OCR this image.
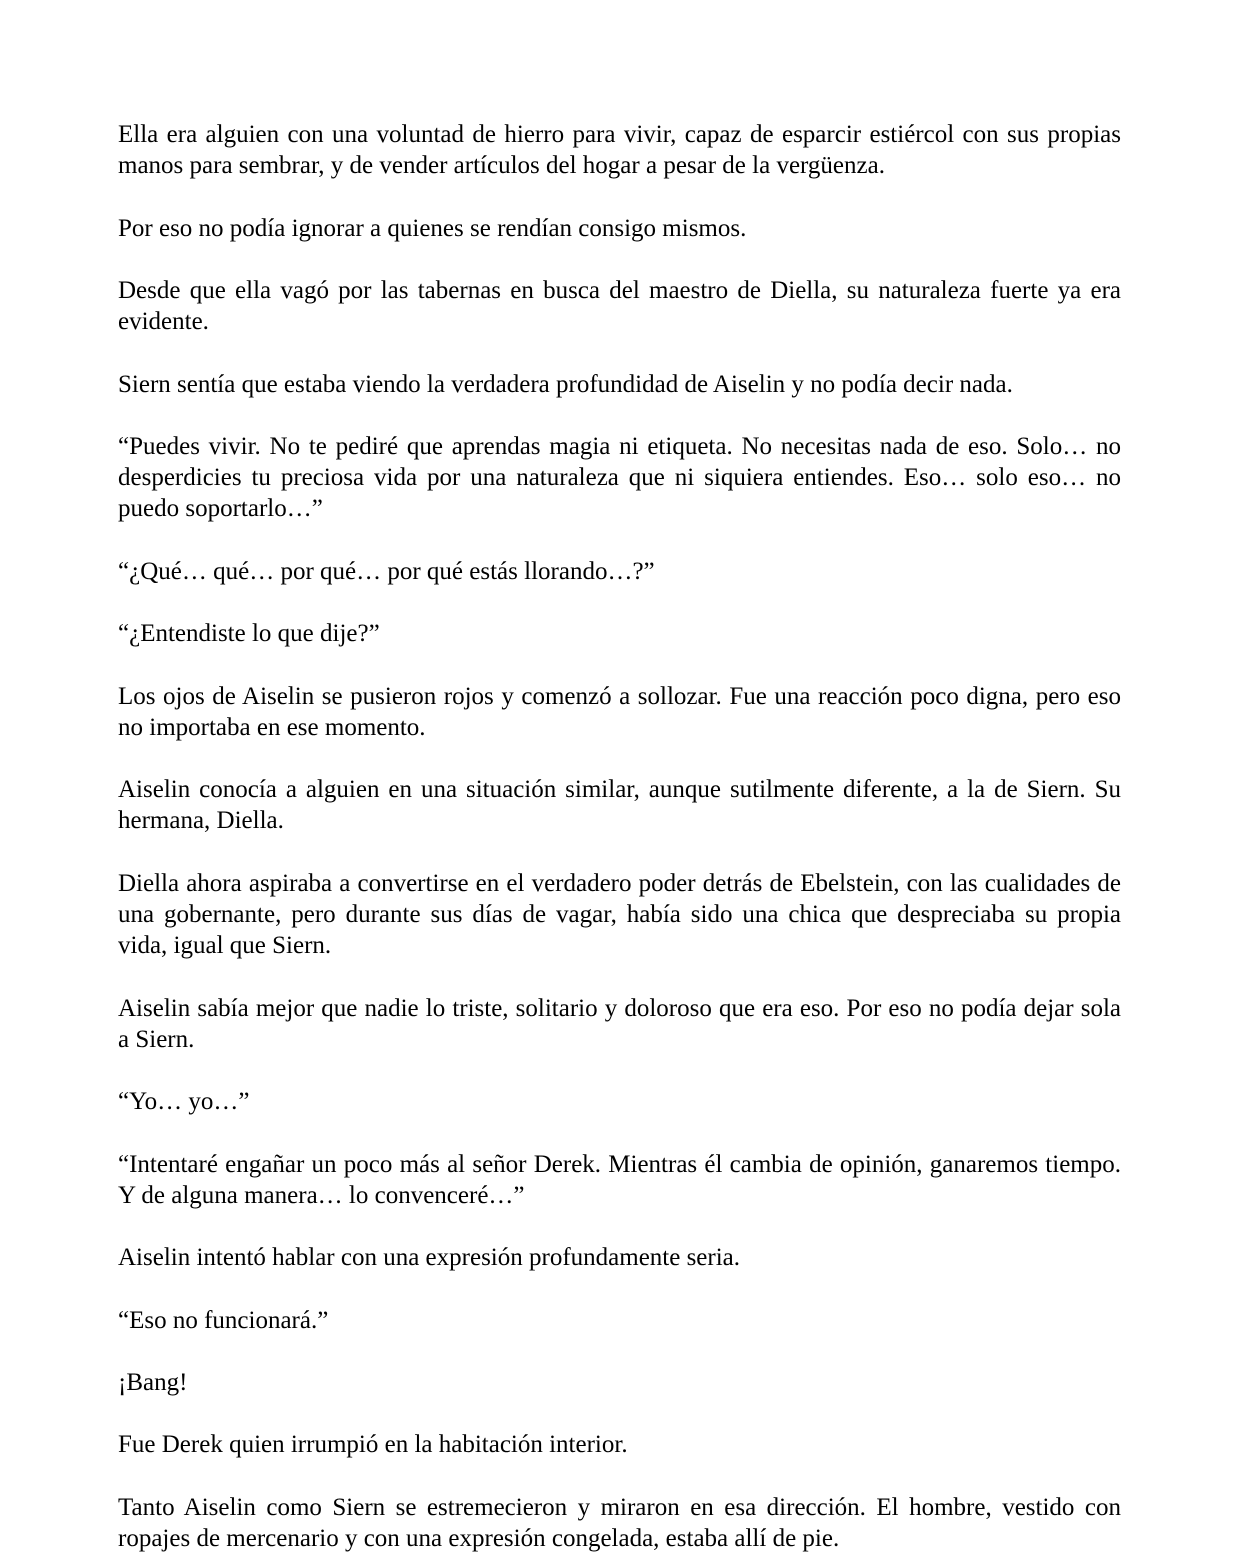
Ella era alguien con una voluntad de hierro para vivir, capaz de esparcir estiércol con sus propias manos para sembrar, y de vender artículos del hogar a pesar de la vergüenza.

Por eso no podía ignorar a quienes se rendían consigo mismos.

Desde que ella vagó por las tabernas en busca del maestro de Diella, su naturaleza fuerte ya era evidente.

Siern sentía que estaba viendo la verdadera profundidad de Aiselin y no podía decir nada.

“Puedes vivir. No te pediré que aprendas magia ni etiqueta. No necesitas nada de eso. Solo… no desperdicies tu preciosa vida por una naturaleza que ni siquiera entiendes. Eso… solo eso… no puedo soportarlo…”

“¿Qué… qué… por qué… por qué estás llorando…?”

“¿Entendiste lo que dije?”

Los ojos de Aiselin se pusieron rojos y comenzó a sollozar. Fue una reacción poco digna, pero eso no importaba en ese momento.

Aiselin conocía a alguien en una situación similar, aunque sutilmente diferente, a la de Siern. Su hermana, Diella.

Diella ahora aspiraba a convertirse en el verdadero poder detrás de Ebelstein, con las cualidades de una gobernante, pero durante sus días de vagar, había sido una chica que despreciaba su propia vida, igual que Siern.

Aiselin sabía mejor que nadie lo triste, solitario y doloroso que era eso. Por eso no podía dejar sola a Siern.

“Yo… yo…”

“Intentaré engañar un poco más al señor Derek. Mientras él cambia de opinión, ganaremos tiempo. Y de alguna manera… lo convenceré…”

Aiselin intentó hablar con una expresión profundamente seria.

“Eso no funcionará.”

¡Bang!

Fue Derek quien irrumpió en la habitación interior.

Tanto Aiselin como Siern se estremecieron y miraron en esa dirección. El hombre, vestido con ropajes de mercenario y con una expresión congelada, estaba allí de pie.
